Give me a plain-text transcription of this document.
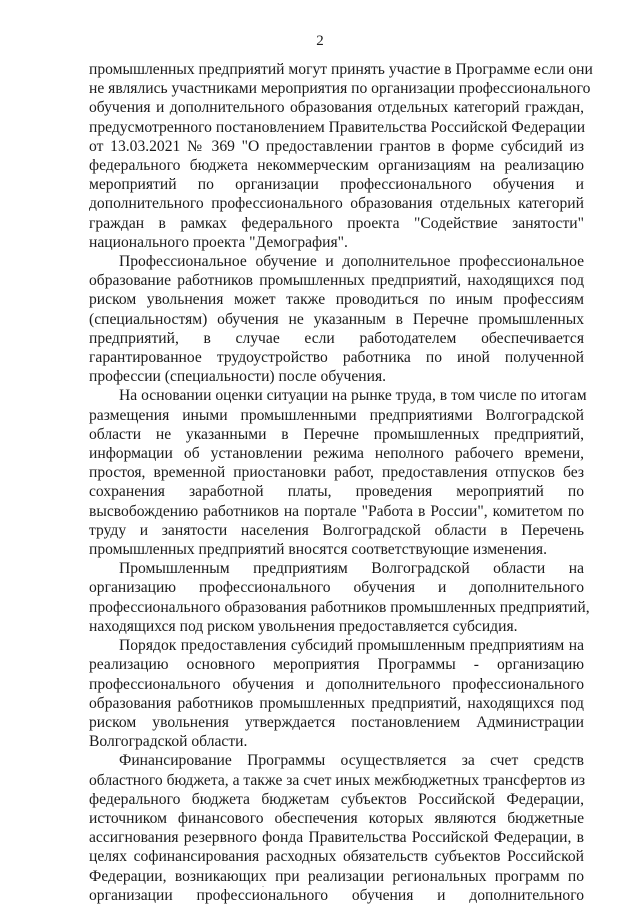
2
промышленных предприятий могут принять участие в Программе если они
не являлись участниками мероприятия по организации профессионального
обучения и дополнительного образования отдельных категорий граждан,
предусмотренного постановлением Правительства Российской Федерации
от 13.03.2021 № 369 "О предоставлении грантов в форме субсидий из
федерального бюджета некоммерческим организациям на реализацию
мероприятий по организации профессионального обучения и
дополнительного профессионального образования отдельных категорий
граждан в рамках федерального проекта "Содействие занятости"
национального проекта "Демография".
Профессиональное обучение и дополнительное профессиональное
образование работников промышленных предприятий, находящихся под
риском увольнения может также проводиться по иным профессиям
(специальностям) обучения не указанным в Перечне промышленных
предприятий, в случае если работодателем обеспечивается
гарантированное трудоустройство работника по иной полученной
профессии (специальности) после обучения.
На основании оценки ситуации на рынке труда, в том числе по итогам
размещения иными промышленными предприятиями Волгоградской
области не указанными в Перечне промышленных предприятий,
информации об установлении режима неполного рабочего времени,
простоя, временной приостановки работ, предоставления отпусков без
сохранения заработной платы, проведения мероприятий по
высвобождению работников на портале "Работа в России", комитетом по
труду и занятости населения Волгоградской области в Перечень
промышленных предприятий вносятся соответствующие изменения.
Промышленным предприятиям Волгоградской области на
организацию профессионального обучения и дополнительного
профессионального образования работников промышленных предприятий,
находящихся под риском увольнения предоставляется субсидия.
Порядок предоставления субсидий промышленным предприятиям на
реализацию основного мероприятия Программы - организацию
профессионального обучения и дополнительного профессионального
образования работников промышленных предприятий, находящихся под
риском увольнения утверждается постановлением Администрации
Волгоградской области.
Финансирование Программы осуществляется за счет средств
областного бюджета, а также за счет иных межбюджетных трансфертов из
федерального бюджета бюджетам субъектов Российской Федерации,
источником финансового обеспечения которых являются бюджетные
ассигнования резервного фонда Правительства Российской Федерации, в
целях софинансирования расходных обязательств субъектов Российской
Федерации, возникающих при реализации региональных программ по
организации профессионального обучения и дополнительного
